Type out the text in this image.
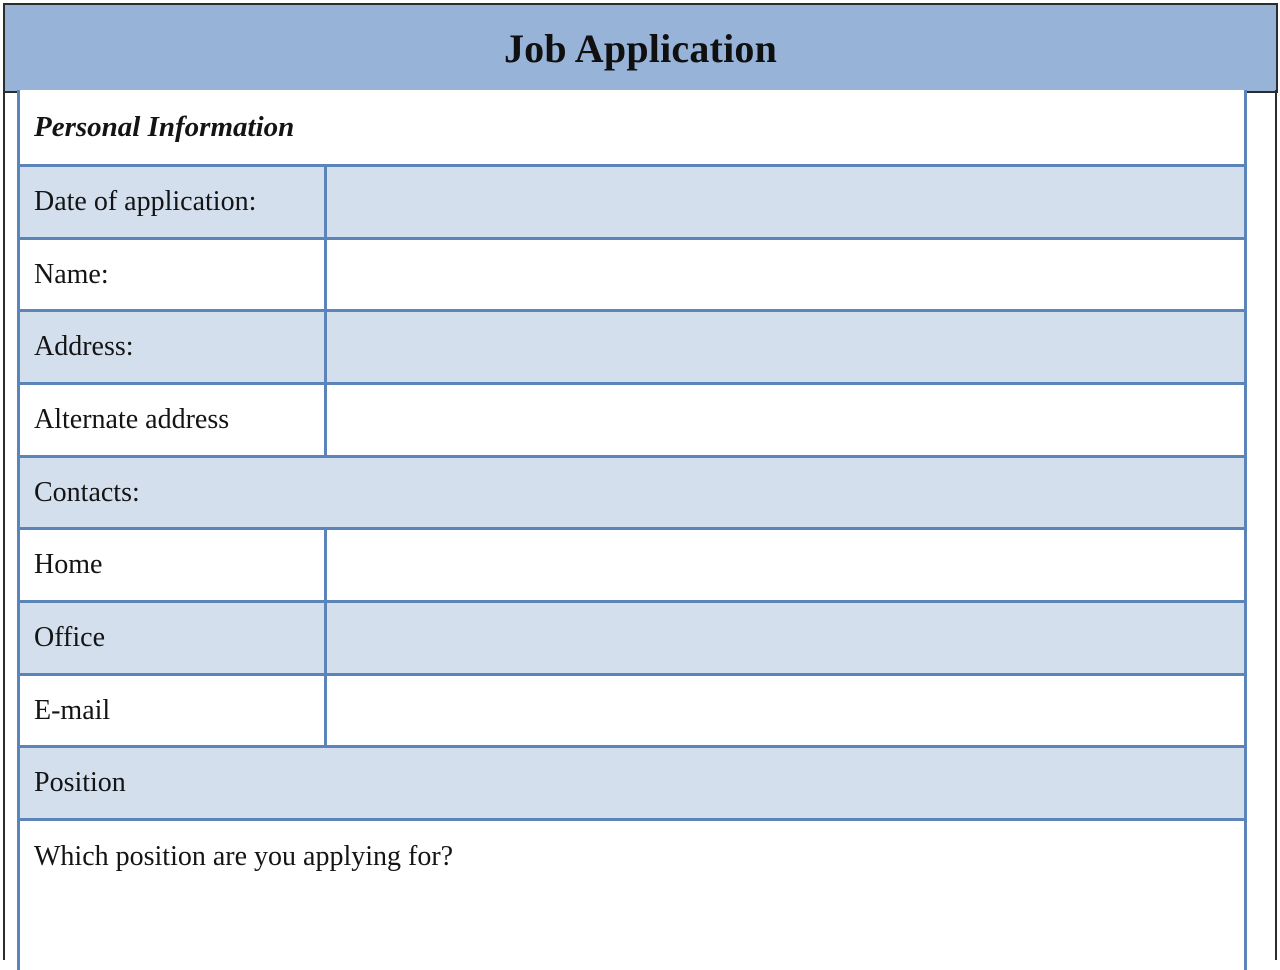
Job Application
Personal Information
Date of application:
Name:
Address:
Alternate address
Contacts:
Home
Office
E-mail
Position
Which position are you applying for?
